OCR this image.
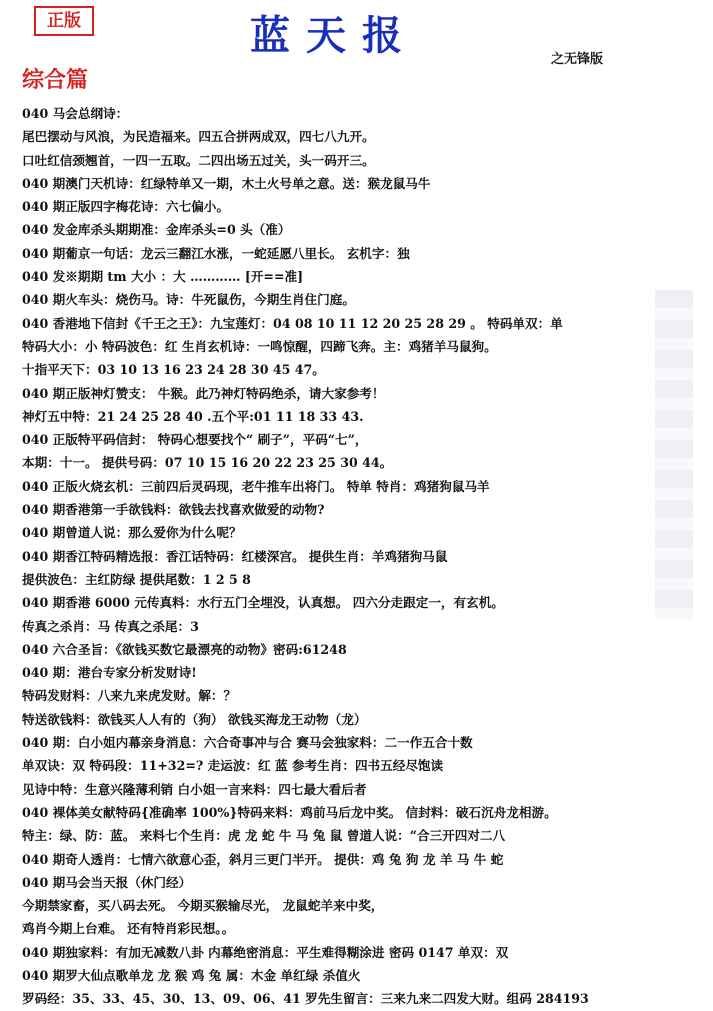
正版	蓝天报
之无锋版
综合篇
040 马会总纲诗：
尾巴摆动与风浪，为民造福来。四五合拼两成双，四七八九开。
口吐红信颈翘首，一四一五取。二四出场五过关，头一码开三。
040 期澳门天机诗：红绿特单又一期，木土火号单之意。送：猴龙鼠马牛
040 期正版四字梅花诗：六七偏小。
040 发金库杀头期期准：金库杀头=0 头（准）
040 期葡京一句话：龙云三翻江水涨，一蛇延愿八里长。 玄机字：独
040 发※期期 tm 大小 ：大 ………… [开==准]
040 期火车头：烧伤马。诗：牛死鼠伤，今期生肖住门庭。
040 香港地下信封《千王之王》：九宝莲灯：04 08 10 11 12 20 25 28 29 。 特码单双：单
特码大小：小 特码波色：红 生肖玄机诗：一鸣惊醒，四蹄飞奔。主：鸡猪羊马鼠狗。
十指平天下：03 10 13 16 23 24 28 30 45 47。
040 期正版神灯赞支： 牛猴。此乃神灯特码绝杀，请大家参考！
神灯五中特：21 24 25 28 40 .五个平:01 11 18 33 43.
040 正版特平码信封： 特码心想要找个“ 刷子”，平码“七”，
本期：十一。 提供号码：07 10 15 16 20 22 23 25 30 44。
040 正版火烧玄机：三前四后灵码现，老牛推车出将门。 特单 特肖：鸡猪狗鼠马羊
040 期香港第一手欲钱料：欲钱去找喜欢做爱的动物?
040 期曾道人说：那么爱你为什么呢？
040 期香江特码精选报：香江话特码：红楼深宫。 提供生肖：羊鸡猪狗马鼠
提供波色：主红防绿 提供尾数：1 2 5 8
040 期香港 6000 元传真料：水行五门全埋没，认真想。 四六分走跟定一，有玄机。
传真之杀肖：马 传真之杀尾：3
040 六合圣旨：《欲钱买数它最漂亮的动物》密码:61248
040 期：港台专家分析发财诗!
特码发财料：八来九来虎发财。解：？
特送欲钱料：欲钱买人人有的（狗） 欲钱买海龙王动物（龙）
040 期：白小姐内幕亲身消息：六合奇事冲与合 赛马会独家料：二一作五合十数
单双诀：双 特码段：11+32=? 走运波：红 蓝 参考生肖：四书五经尽饱读
见诗中特：生意兴隆薄利销 白小姐一言来料：四七最大看后者
040 裸体美女献特码{准确率 100%}特码来料：鸡前马后龙中奖。 信封料：破石沉舟龙相游。
特主：绿、防：蓝。 来料七个生肖：虎 龙 蛇 牛 马 兔 鼠 曾道人说：“合三开四对二八
040 期奇人透肖：七情六欲意心歪，斜月三更门半开。 提供：鸡 兔 狗 龙 羊 马 牛 蛇
040 期马会当天报（休门经）
今期禁家畜，买八码去死。 今期买猴输尽光， 龙鼠蛇羊来中奖，
鸡肖今期上台难。 还有特肖彩民想。。
040 期独家料：有加无减数八卦 内幕绝密消息：平生难得糊涂进 密码 0147 单双：双
040 期罗大仙点歌单龙 龙 猴 鸡 兔 属：木金 单红绿 杀值火
罗码经：35、33、45、30、13、09、06、41 罗先生留言：三来九来二四发大财。组码 284193
